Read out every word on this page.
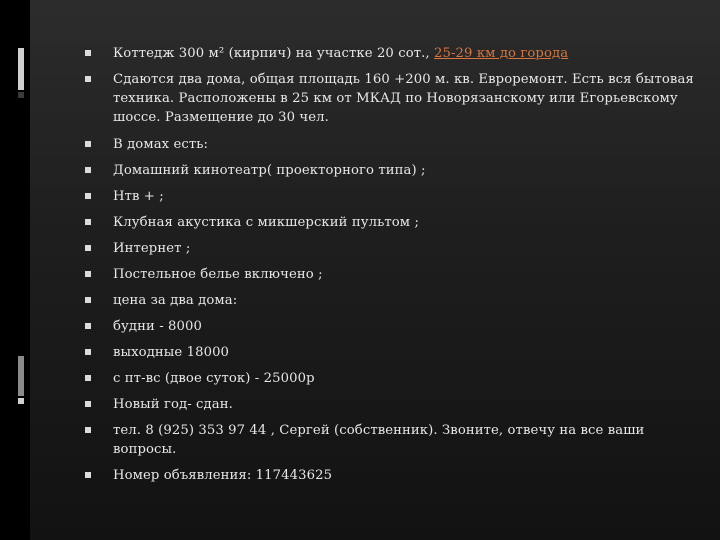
Коттедж 300 м² (кирпич) на участке 20 сот., 25-29 км до города
Сдаются два дома, общая площадь 160 +200 м. кв. Евроремонт. Есть вся бытовая техника. Расположены в 25 км от МКАД по Новорязанскому или Егорьевскому шоссе. Размещение до 30 чел.
В домах есть:
Домашний кинотеатр( проекторного типа) ;
Нтв + ;
Клубная акустика с микшерский пультом ;
Интернет ;
Постельное белье включено ;
цена за два дома:
будни - 8000
выходные 18000
с пт-вс (двое суток) - 25000р
Новый год- сдан.
тел. 8 (925) 353 97 44 , Сергей (собственник). Звоните, отвечу на все ваши вопросы.
Номер объявления: 117443625
